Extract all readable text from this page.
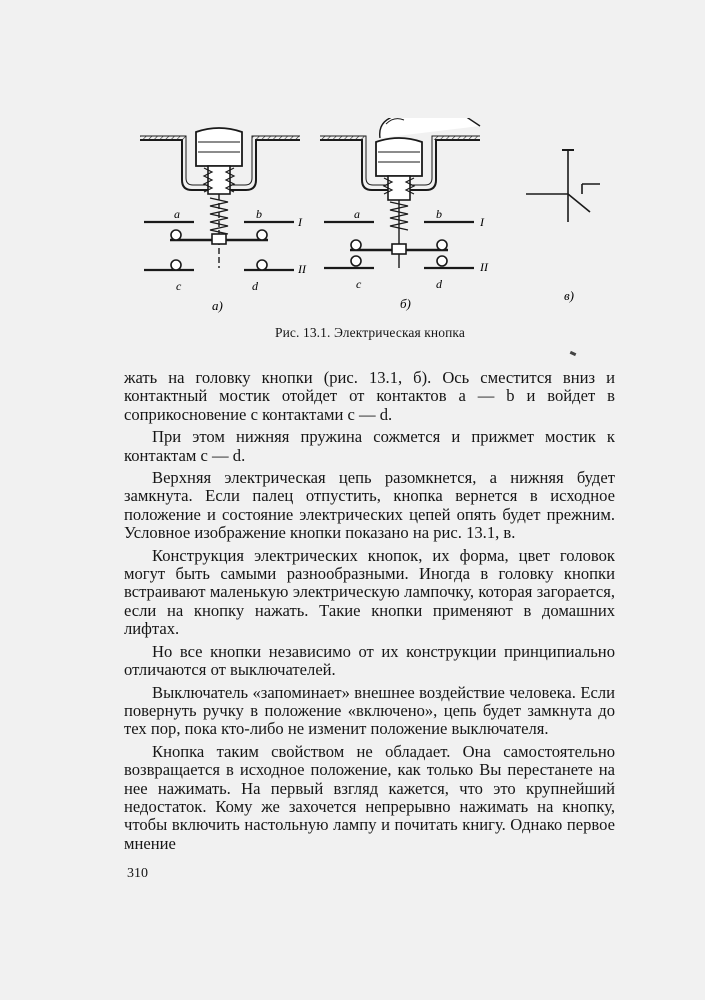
a	b
I
c	d
II
а)
a	b
I
c	d
II
б)
в)
Рис. 13.1. Электрическая кнопка

жать на головку кнопки (рис. 13.1, б). Ось сместится вниз и контактный мостик отойдет от контактов a — b и войдет в соприкосновение с контактами c — d.

При этом нижняя пружина сожмется и прижмет мостик к контактам c — d.

Верхняя электрическая цепь разомкнется, а нижняя будет замкнута. Если палец отпустить, кнопка вернется в исходное положение и состояние электрических цепей опять будет прежним. Условное изображение кнопки показано на рис. 13.1, в.

Конструкция электрических кнопок, их форма, цвет головок могут быть самыми разнообразными. Иногда в головку кнопки встраивают маленькую электрическую лампочку, которая загорается, если на кнопку нажать. Такие кнопки применяют в домашних лифтах.

Но все кнопки независимо от их конструкции принципиально отличаются от выключателей.

Выключатель «запоминает» внешнее воздействие человека. Если повернуть ручку в положение «включено», цепь будет замкнута до тех пор, пока кто-либо не изменит положение выключателя.

Кнопка таким свойством не обладает. Она самостоятельно возвращается в исходное положение, как только Вы перестанете на нее нажимать. На первый взгляд кажется, что это крупнейший недостаток. Кому же захочется непрерывно нажимать на кнопку, чтобы включить настольную лампу и почитать книгу. Однако первое мнение

310
